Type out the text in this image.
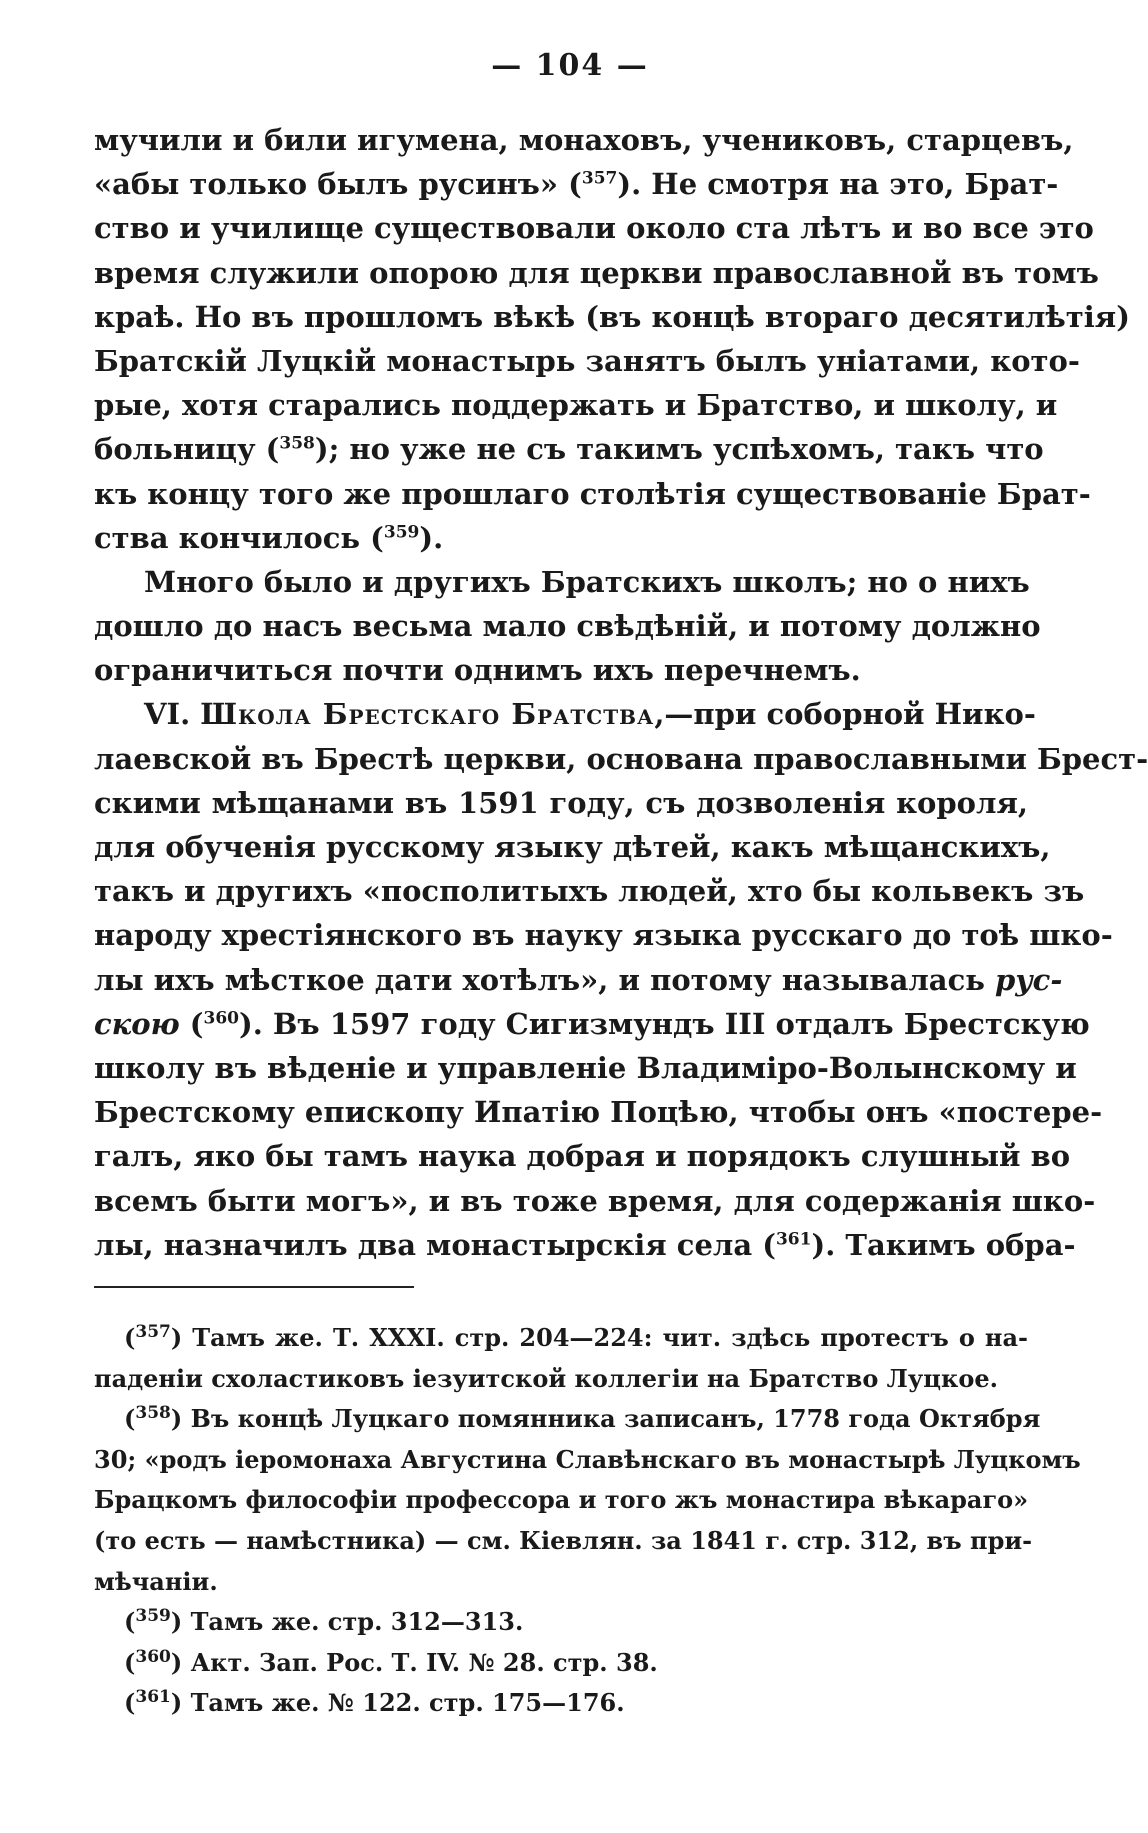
— 104 —
мучили и били игумена, монаховъ, учениковъ, старцевъ,
«абы только былъ русинъ» ($^{357}$). Не смотря на это, Брат-
ство и училище существовали около ста лѣтъ и во все это
время служили опорою для церкви православной въ томъ
краѣ. Но въ прошломъ вѣкѣ (въ концѣ втораго десятилѣтія)
Братскій Луцкій монастырь занятъ былъ уніатами, кото-
рые, хотя старались поддержать и Братство, и школу, и
больницу ($^{358}$); но уже не съ такимъ успѣхомъ, такъ что
къ концу того же прошлаго столѣтія существованіе Брат-
ства кончилось ($^{359}$).
Много было и другихъ Братскихъ школъ; но о нихъ
дошло до насъ весьма мало свѣдѣній, и потому должно
ограничиться почти однимъ ихъ перечнемъ.
VI. Школа Брестскаго Братства,—при соборной Нико-
лаевской въ Брестѣ церкви, основана православными Брест-
скими мѣщанами въ 1591 году, съ дозволенія короля,
для обученія русскому языку дѣтей, какъ мѣщанскихъ,
такъ и другихъ «посполитыхъ людей, хто бы кольвекъ зъ
народу хрестіянского въ науку языка русскаго до тоѣ шко-
лы ихъ мѣсткое дати хотѣлъ», и потому называлась рус-
скою ($^{360}$). Въ 1597 году Сигизмундъ III отдалъ Брестскую
школу въ вѣденіе и управленіе Владиміро-Волынскому и
Брестскому епископу Ипатію Поцѣю, чтобы онъ «постере-
галъ, яко бы тамъ наука добрая и порядокъ слушный во
всемъ быти могъ», и въ тоже время, для содержанія шко-
лы, назначилъ два монастырскія села ($^{361}$). Такимъ обра-
($^{357}$) Тамъ же. Т. XXXI. стр. 204—224: чит. здѣсь протестъ о на-
паденіи схоластиковъ іезуитской коллегіи на Братство Луцкое.
($^{358}$) Въ концѣ Луцкаго помянника записанъ, 1778 года Октября
30; «родъ іеромонаха Августина Славѣнскаго въ монастырѣ Луцкомъ
Брацкомъ философіи професcора и того жъ монастира вѣкараго»
(то есть — намѣстника) — см. Кіевлян. за 1841 г. стр. 312, въ при-
мѣчаніи.
($^{359}$) Тамъ же. стр. 312—313.
($^{360}$) Акт. Зап. Рос. Т. IV. № 28. стр. 38.
($^{361}$) Тамъ же. № 122. стр. 175—176.
